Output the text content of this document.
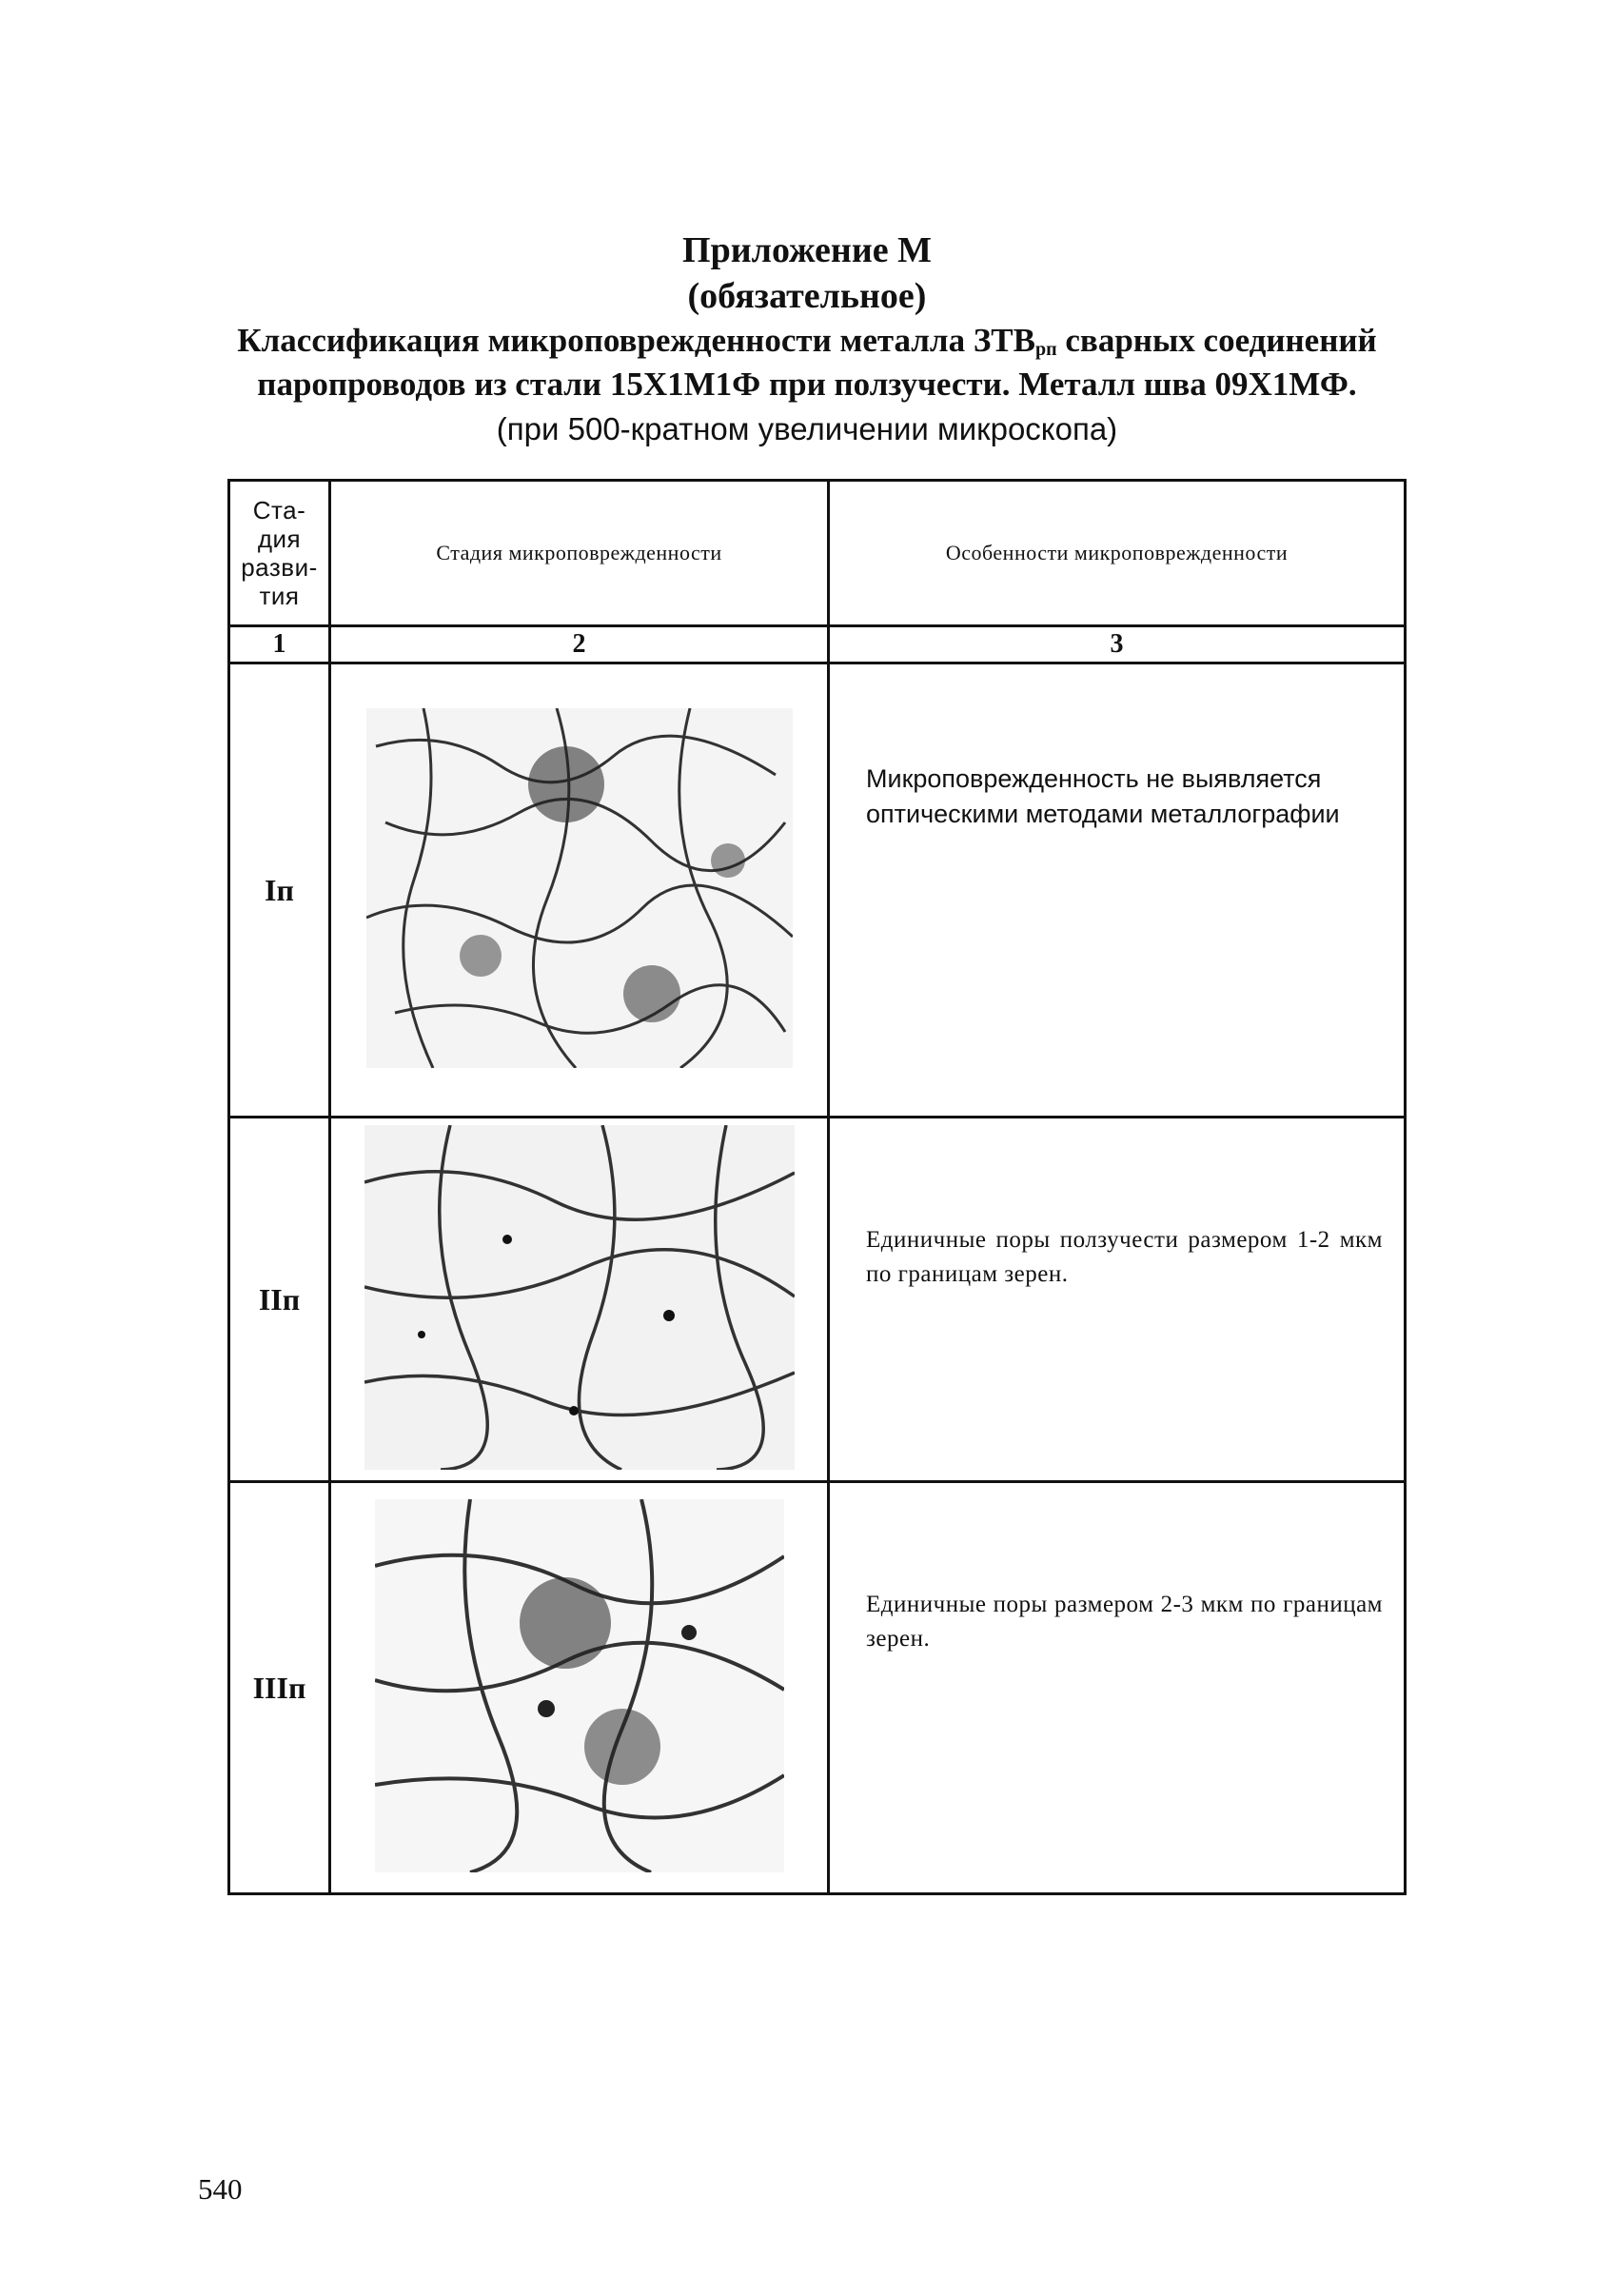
Приложение М
(обязательное)
Классификация микроповрежденности металла $ЗТВ_{рп}$ сварных соединений
паропроводов из стали 15Х1М1Ф при ползучести. Металл шва 09Х1МФ.
(при 500-кратном увеличении микроскопа)
Ста-
дия
разви-
тия	Стадия микроповрежденности	Особенности микроповрежденности
1	2	3
Iп		Микроповрежденность не выявляется оптическими методами металлографии

IIп		Единичные поры ползучести размером 1-2 мкм по границам зерен.

IIIп		Единичные поры размером 2-3 мкм по границам зерен.
540
